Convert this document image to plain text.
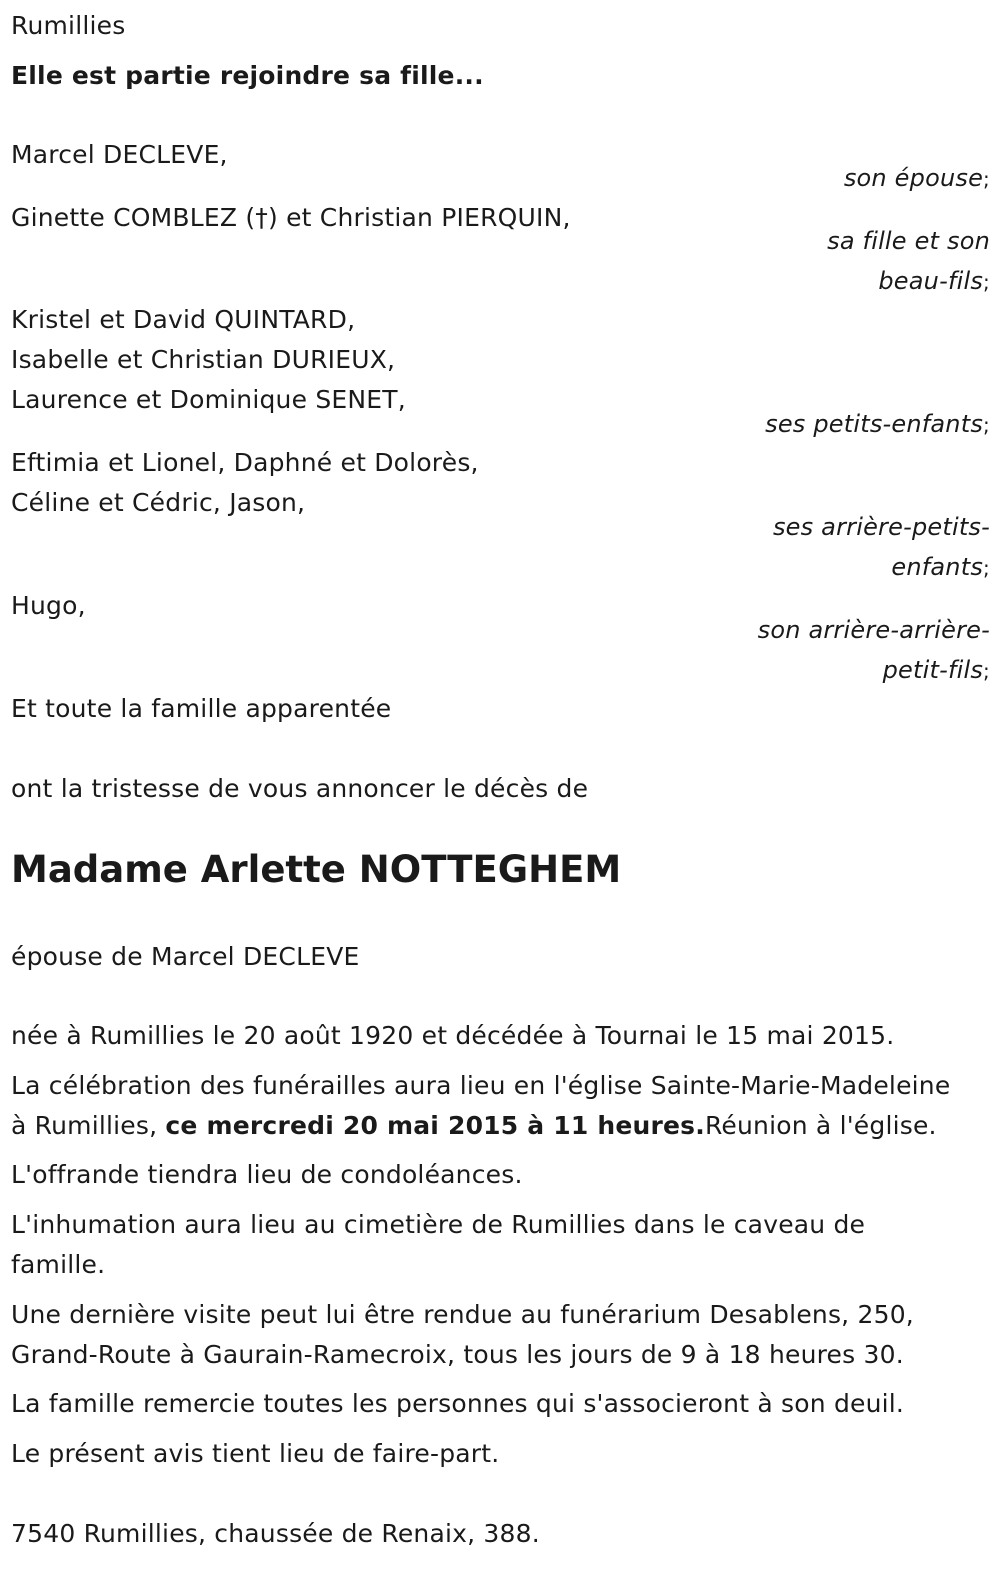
Rumillies
Elle est partie rejoindre sa fille...
Marcel DECLEVE,
son épouse;
Ginette COMBLEZ (†) et Christian PIERQUIN,
sa fille et son
beau-fils;
Kristel et David QUINTARD,
Isabelle et Christian DURIEUX,
Laurence et Dominique SENET,
ses petits-enfants;
Eftimia et Lionel, Daphné et Dolorès,
Céline et Cédric, Jason,
ses arrière-petits-
enfants;
Hugo,
son arrière-arrière-
petit-fils;
Et toute la famille apparentée
ont la tristesse de vous annoncer le décès de
Madame Arlette NOTTEGHEM
épouse de Marcel DECLEVE
née à Rumillies le 20 août 1920 et décédée à Tournai le 15 mai 2015.
La célébration des funérailles aura lieu en l'église Sainte-Marie-Madeleine
à Rumillies, ce mercredi 20 mai 2015 à 11 heures.Réunion à l'église.
L'offrande tiendra lieu de condoléances.
L'inhumation aura lieu au cimetière de Rumillies dans le caveau de
famille.
Une dernière visite peut lui être rendue au funérarium Desablens, 250,
Grand-Route à Gaurain-Ramecroix, tous les jours de 9 à 18 heures 30.
La famille remercie toutes les personnes qui s'associeront à son deuil.
Le présent avis tient lieu de faire-part.
7540 Rumillies, chaussée de Renaix, 388.
